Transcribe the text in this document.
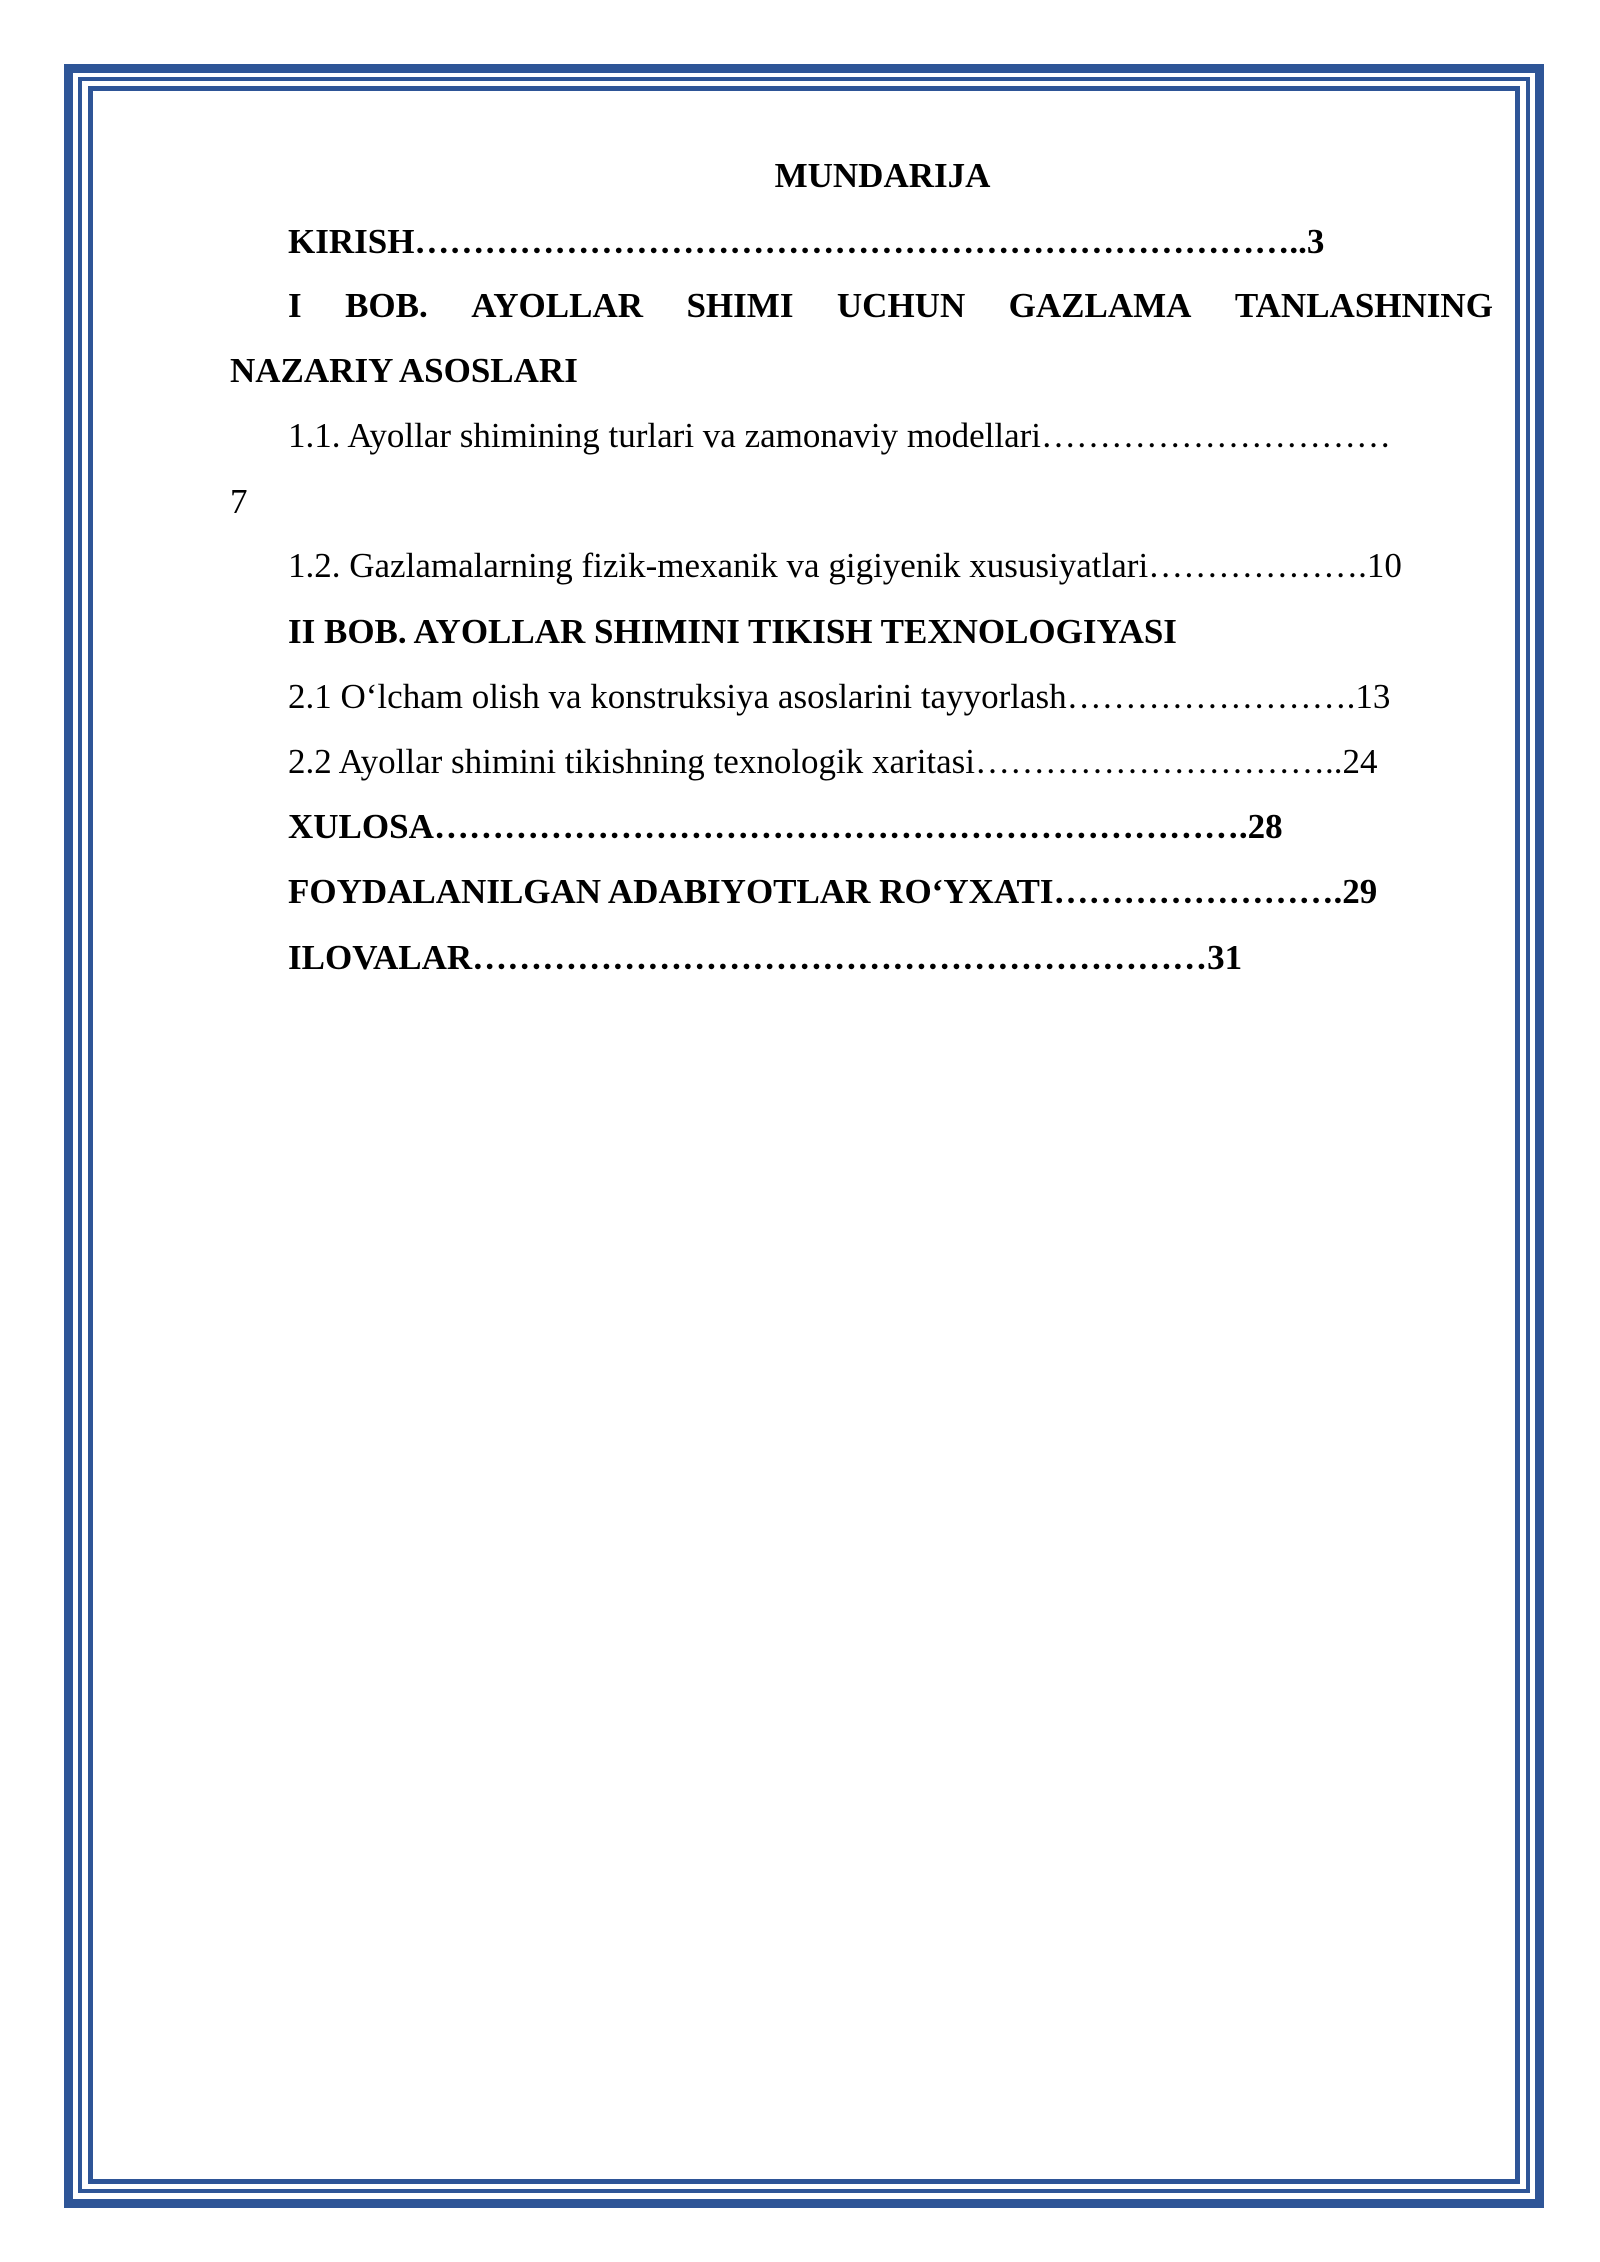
MUNDARIJA
KIRISH…………………………………………………………………..3
I BOB. AYOLLAR SHIMI UCHUN GAZLAMA TANLASHNING
NAZARIY ASOSLARI
1.1. Ayollar shimining turlari va zamonaviy modellari…………………………
7
1.2. Gazlamalarning fizik-mexanik va gigiyenik xususiyatlari……………….10
II BOB. AYOLLAR SHIMINI TIKISH TEXNOLOGIYASI
2.1 O‘lcham olish va konstruksiya asoslarini tayyorlash…………………….13
2.2 Ayollar shimini tikishning texnologik xaritasi…………………………..24
XULOSA…………………………………………………………….28
FOYDALANILGAN ADABIYOTLAR RO‘YXATI…………………….29
ILOVALAR………………………………………………………31
